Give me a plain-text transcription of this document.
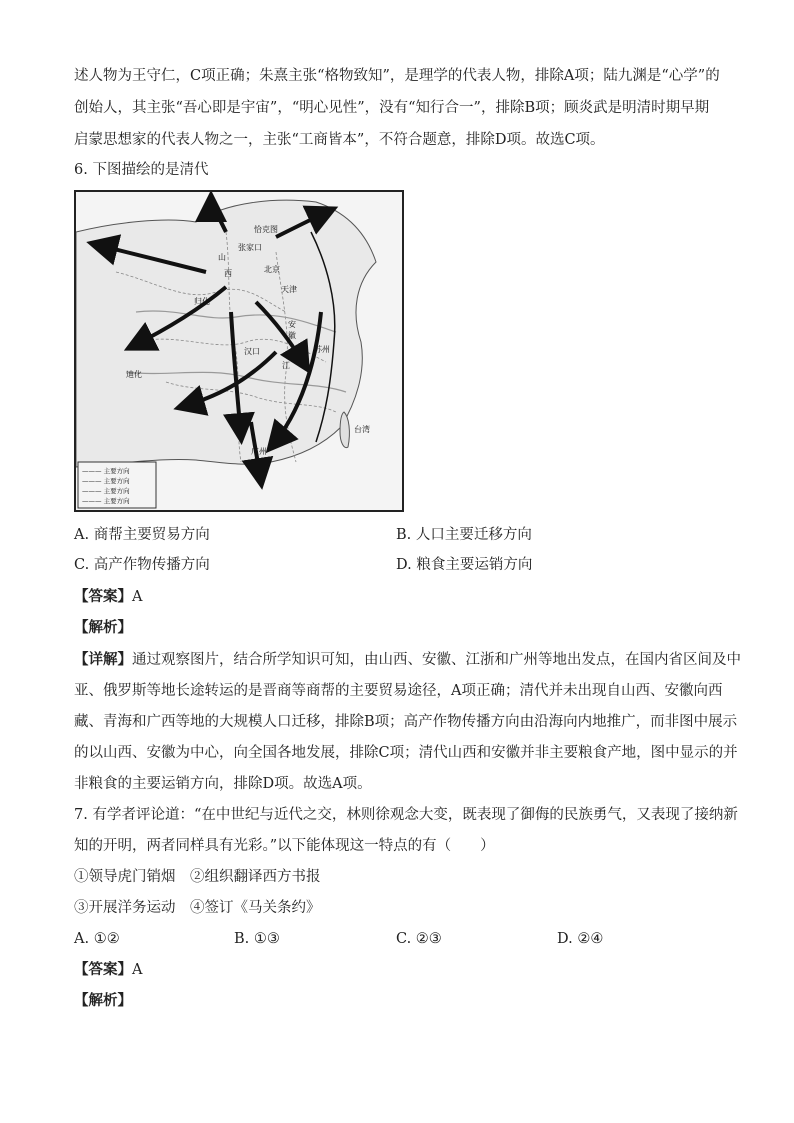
述人物为王守仁，C项正确；朱熹主张“格物致知”，是理学的代表人物，排除A项；陆九渊是“心学”的
创始人，其主张“吾心即是宇宙”，“明心见性”，没有“知行合一”，排除B项；顾炎武是明清时期早期
启蒙思想家的代表人物之一，主张“工商皆本”，不符合题意，排除D项。故选C项。
6. 下图描绘的是清代
山
归化
张家口
恰克图
北京
天津
西
安
徽
汉口
江
苏州
广州
台湾
迪化
——— 主要方向
——— 主要方向
——— 主要方向
——— 主要方向
A. 商帮主要贸易方向	B. 人口主要迁移方向
C. 高产作物传播方向	D. 粮食主要运销方向
【答案】A
【解析】
【详解】通过观察图片，结合所学知识可知，由山西、安徽、江浙和广州等地出发点，在国内省区间及中
亚、俄罗斯等地长途转运的是晋商等商帮的主要贸易途径，A项正确；清代并未出现自山西、安徽向西
藏、青海和广西等地的大规模人口迁移，排除B项；高产作物传播方向由沿海向内地推广，而非图中展示
的以山西、安徽为中心，向全国各地发展，排除C项；清代山西和安徽并非主要粮食产地，图中显示的并
非粮食的主要运销方向，排除D项。故选A项。
7. 有学者评论道：“在中世纪与近代之交，林则徐观念大变，既表现了御侮的民族勇气，又表现了接纳新
知的开明，两者同样具有光彩。”以下能体现这一特点的有（　　）
①领导虎门销烟　②组织翻译西方书报
③开展洋务运动　④签订《马关条约》
A. ①②	B. ①③	C. ②③	D. ②④
【答案】A
【解析】
